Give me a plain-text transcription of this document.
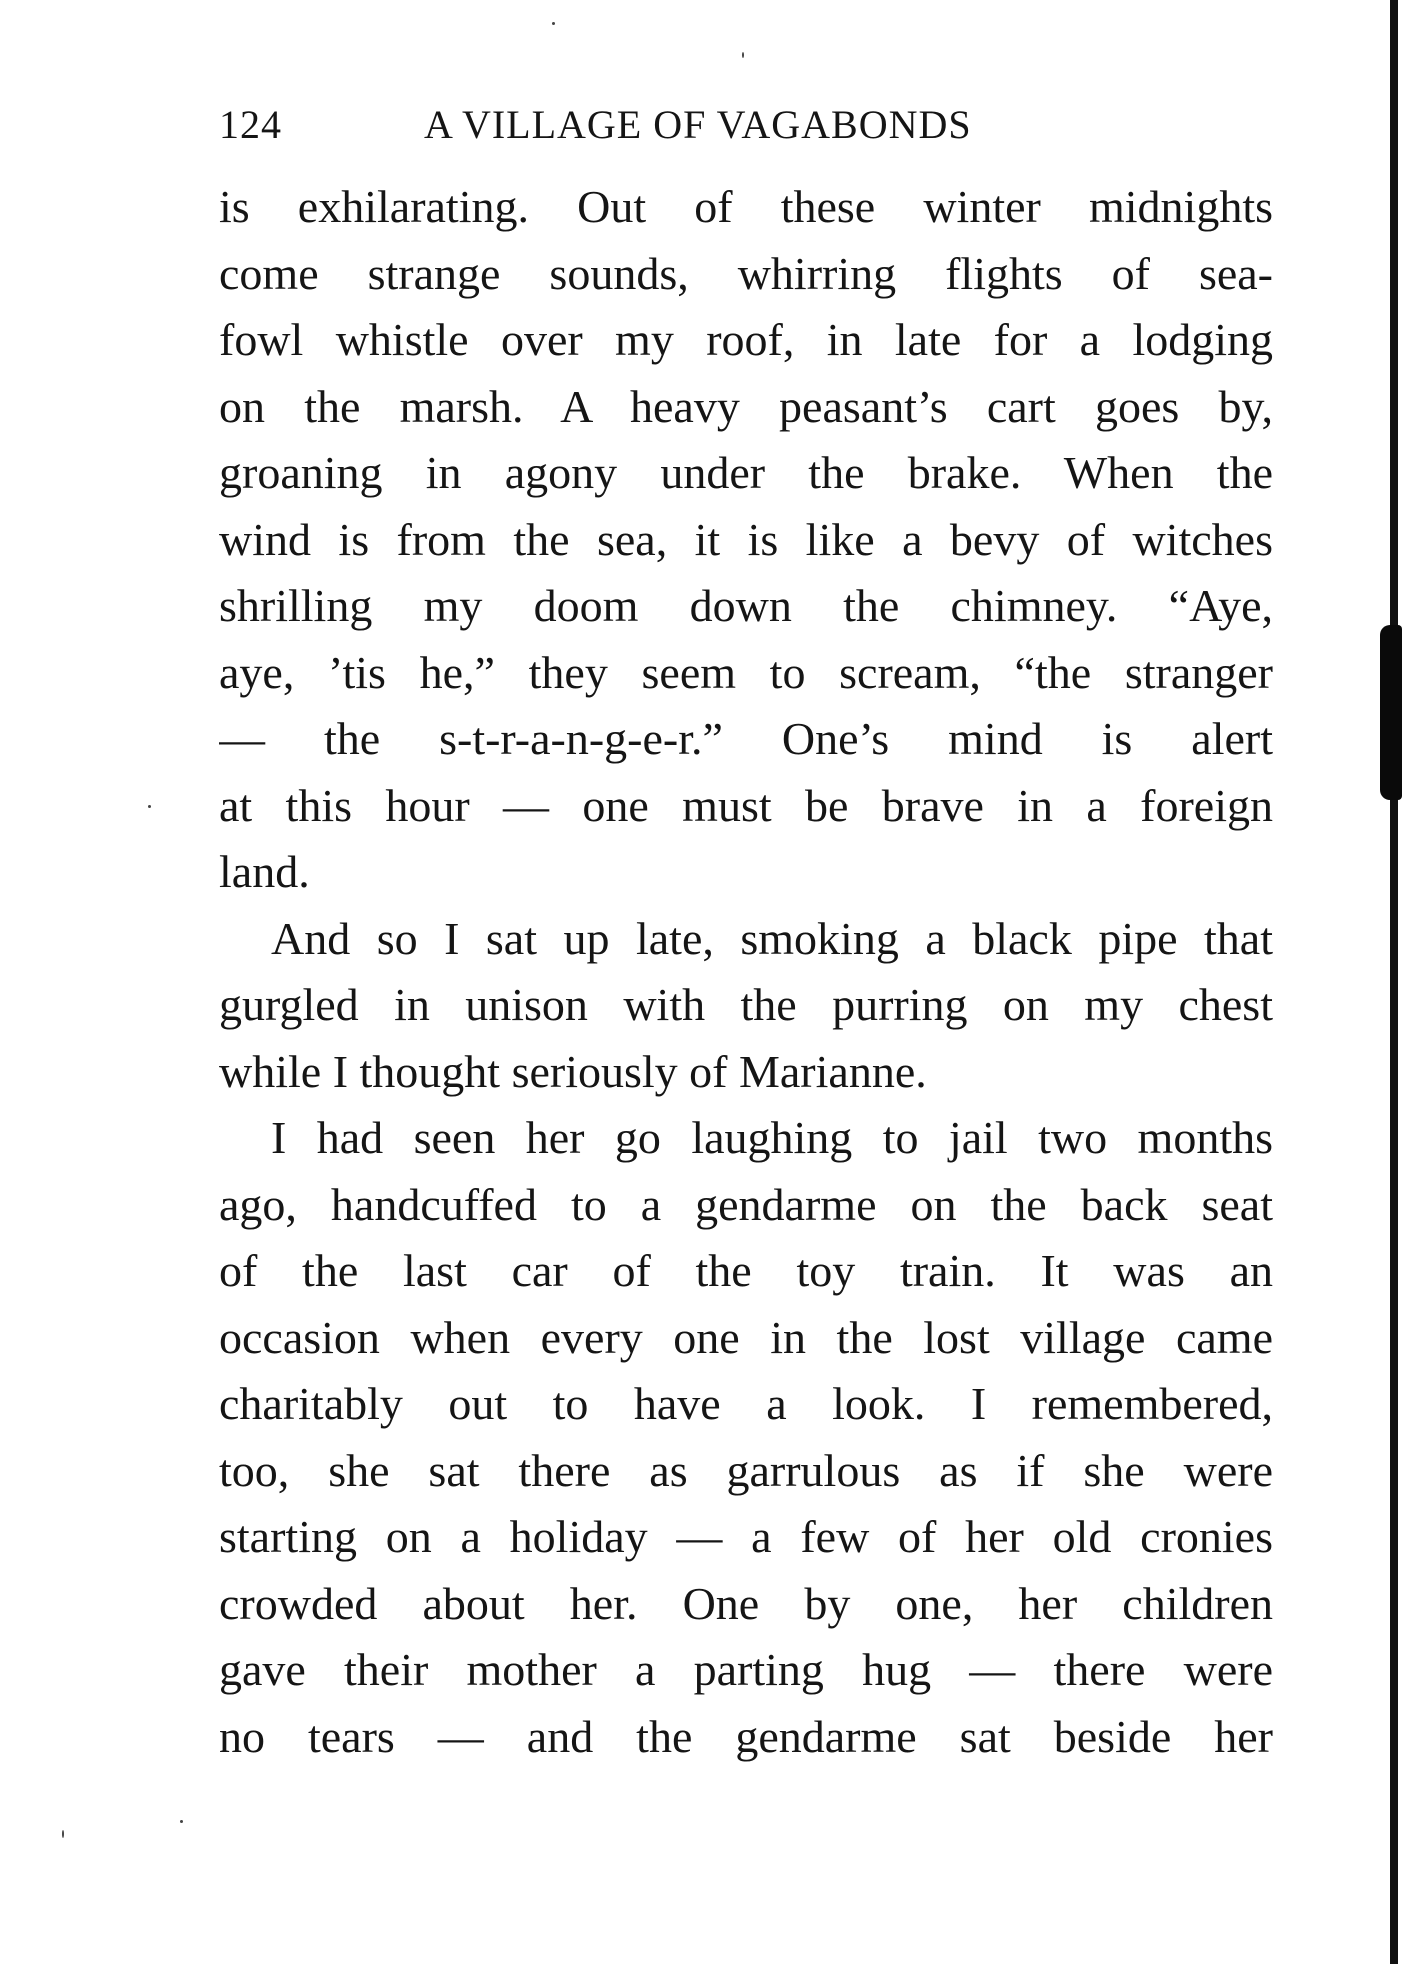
124	A VILLAGE OF VAGABONDS
is exhilarating. Out of these winter midnights
come strange sounds, whirring flights of sea-
fowl whistle over my roof, in late for a lodging
on the marsh. A heavy peasant’s cart goes by,
groaning in agony under the brake. When the
wind is from the sea, it is like a bevy of witches
shrilling my doom down the chimney. “Aye,
aye, ’tis he,” they seem to scream, “the stranger
— the s-t-r-a-n-g-e-r.” One’s mind is alert
at this hour — one must be brave in a foreign
land.
And so I sat up late, smoking a black pipe that
gurgled in unison with the purring on my chest
while I thought seriously of Marianne.
I had seen her go laughing to jail two months
ago, handcuffed to a gendarme on the back seat
of the last car of the toy train. It was an
occasion when every one in the lost village came
charitably out to have a look. I remembered,
too, she sat there as garrulous as if she were
starting on a holiday — a few of her old cronies
crowded about her. One by one, her children
gave their mother a parting hug — there were
no tears — and the gendarme sat beside her
